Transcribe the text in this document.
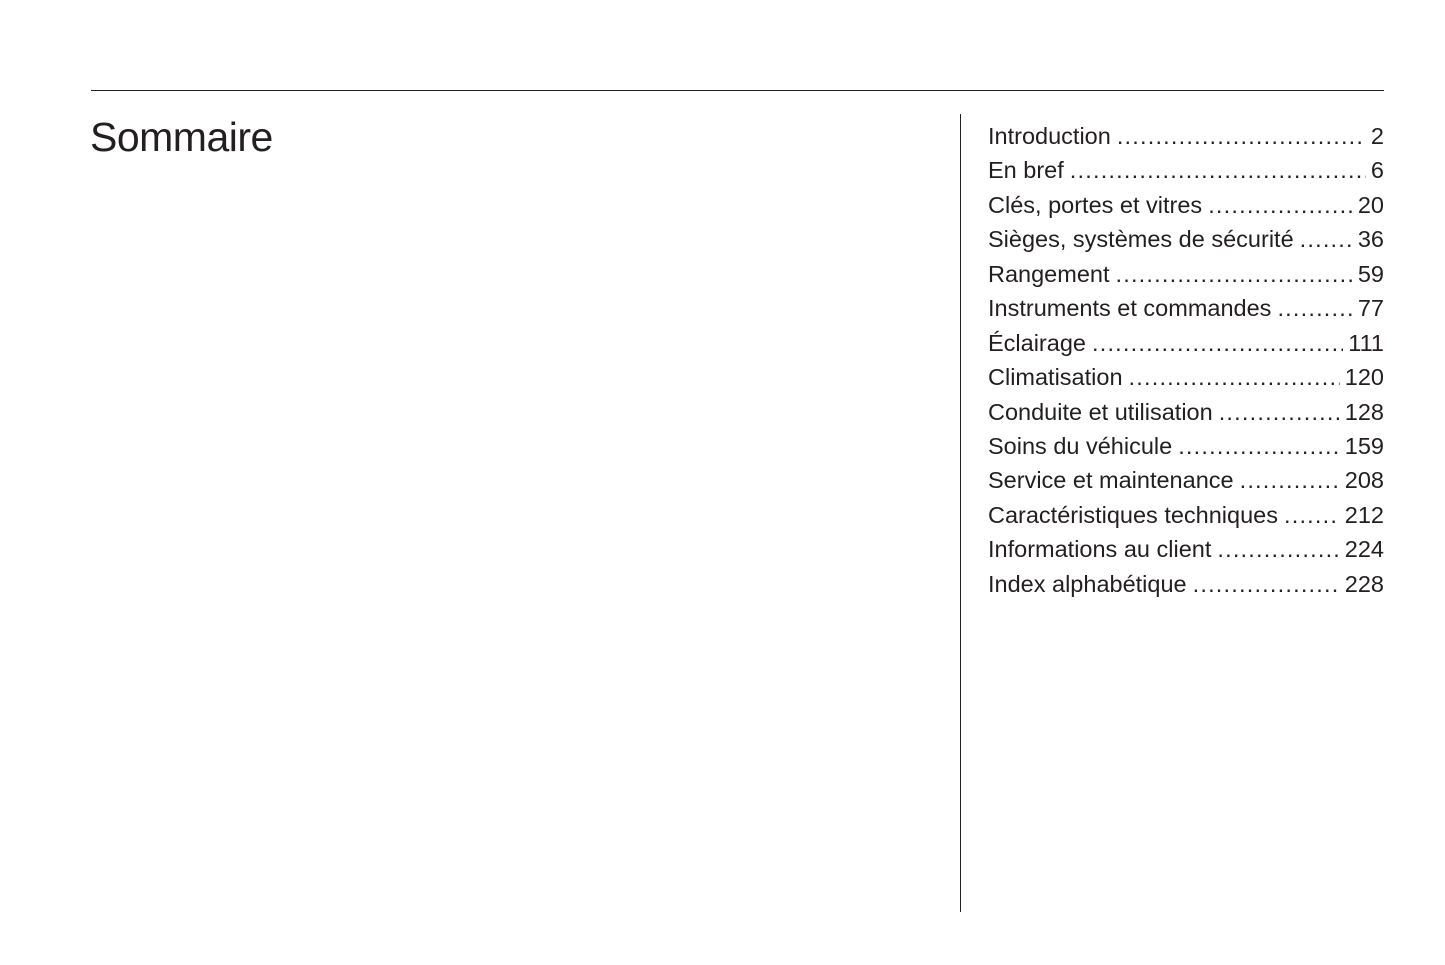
Sommaire	Introduction .....	2
En bref .....	6
Clés, portes et vitres .....	20
Sièges, systèmes de sécurité .....	36
Rangement .....	59
Instruments et commandes .....	77
Éclairage .....	111
Climatisation .....	120
Conduite et utilisation .....	128
Soins du véhicule .....	159
Service et maintenance .....	208
Caractéristiques techniques .....	212
Informations au client .....	224
Index alphabétique .....	228
